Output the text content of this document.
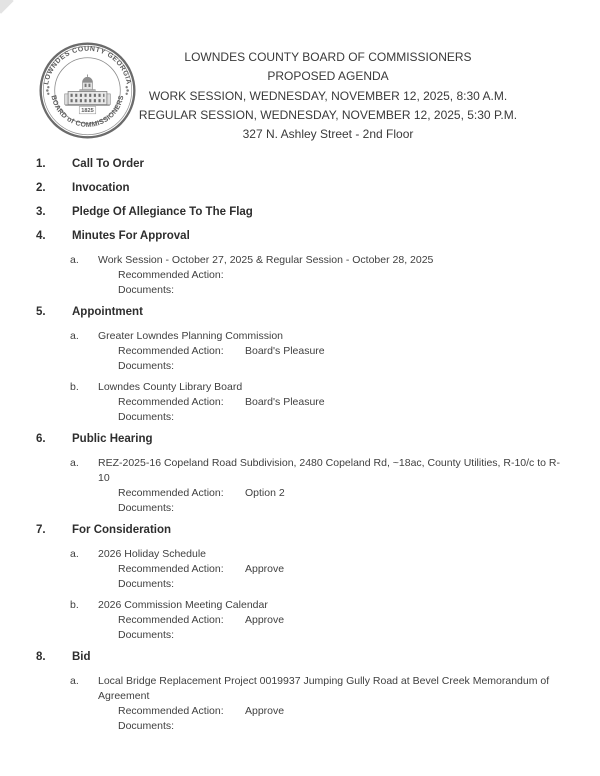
LOWNDES COUNTY GEORGIA
BOARD of COMMISSIONERS
1825
LOWNDES COUNTY BOARD OF COMMISSIONERS
PROPOSED AGENDA
WORK SESSION, WEDNESDAY, NOVEMBER 12, 2025, 8:30 A.M.
REGULAR SESSION, WEDNESDAY, NOVEMBER 12, 2025, 5:30 P.M.
327 N. Ashley Street - 2nd Floor
1.	Call To Order
2.	Invocation
3.	Pledge Of Allegiance To The Flag
4.	Minutes For Approval
a.	Work Session - October 27, 2025 & Regular Session - October 28, 2025
Recommended Action:
Documents:
5.	Appointment
a.	Greater Lowndes Planning Commission
Recommended Action:	Board's Pleasure
Documents:
b.	Lowndes County Library Board
Recommended Action:	Board's Pleasure
Documents:
6.	Public Hearing
a.	REZ-2025-16 Copeland Road Subdivision, 2480 Copeland Rd, ~18ac, County Utilities, R-10/c to R-10
Recommended Action:	Option 2
Documents:
7.	For Consideration
a.	2026 Holiday Schedule
Recommended Action:	Approve
Documents:
b.	2026 Commission Meeting Calendar
Recommended Action:	Approve
Documents:
8.	Bid
a.	Local Bridge Replacement Project 0019937 Jumping Gully Road at Bevel Creek Memorandum of Agreement
Recommended Action:	Approve
Documents:
